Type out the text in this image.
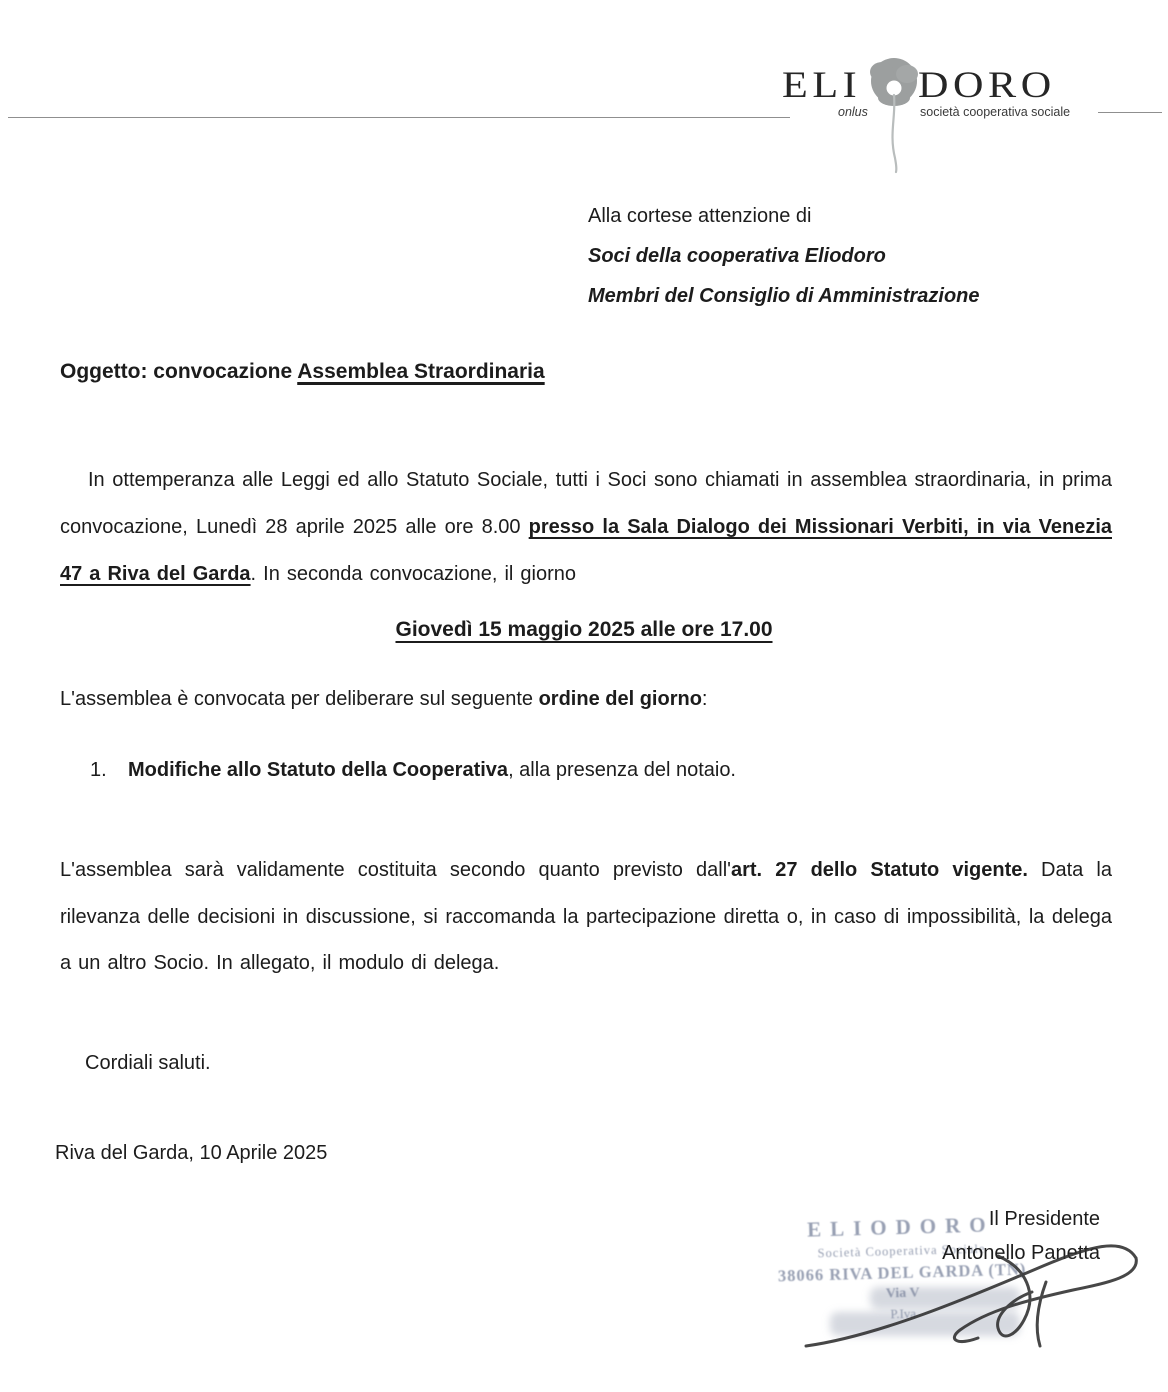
ELI DORO
onlus	società cooperativa sociale
Alla cortese attenzione di
Soci della cooperativa Eliodoro
Membri del Consiglio di Amministrazione
Oggetto: convocazione Assemblea Straordinaria

In ottemperanza alle Leggi ed allo Statuto Sociale, tutti i Soci sono chiamati in assemblea straordinaria, in prima convocazione, Lunedì 28 aprile 2025 alle ore 8.00 presso la Sala Dialogo dei Missionari Verbiti, in via Venezia 47 a Riva del Garda. In seconda convocazione, il giorno

Giovedì 15 maggio 2025 alle ore 17.00
L'assemblea è convocata per deliberare sul seguente ordine del giorno:
1. Modifiche allo Statuto della Cooperativa, alla presenza del notaio.

L'assemblea sarà validamente costituita secondo quanto previsto dall'art. 27 dello Statuto vigente. Data la rilevanza delle decisioni in discussione, si raccomanda la partecipazione diretta o, in caso di impossibilità, la delega a un altro Socio. In allegato, il modulo di delega.

Cordiali saluti.
Riva del Garda, 10 Aprile 2025
ELIODORO
Società Cooperativa Sociale
38066 RIVA DEL GARDA (TN)
Via V
P.Iva
Il Presidente
Antonello Panetta
